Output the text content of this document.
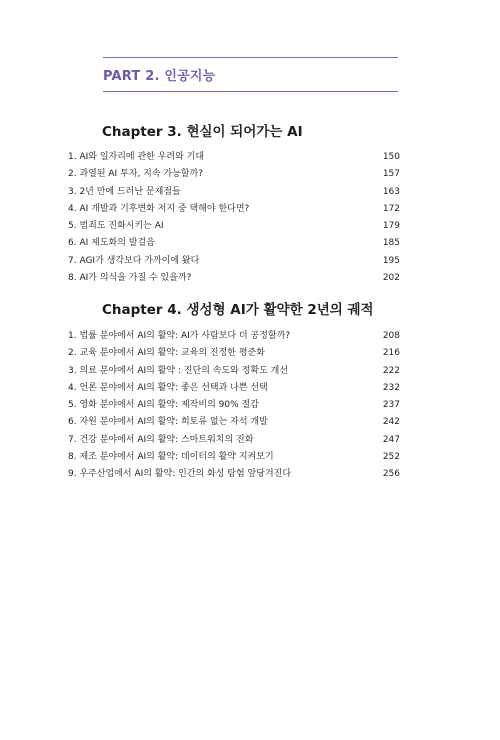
PART 2. 인공지능
Chapter 3. 현실이 되어가는 AI
1. AI와 일자리에 관한 우려와 기대	150
2. 과열된 AI 투자, 지속 가능할까?	157
3. 2년 만에 드러난 문제점들	163
4. AI 개발과 기후변화 저지 중 택해야 한다면?	172
5. 범죄도 진화시키는 AI	179
6. AI 제도화의 발걸음	185
7. AGI가 생각보다 가까이에 왔다	195
8. AI가 의식을 가질 수 있을까?	202
Chapter 4. 생성형 AI가 활약한 2년의 궤적
1. 법률 분야에서 AI의 활약: AI가 사람보다 더 공정할까?	208
2. 교육 분야에서 AI의 활약: 교육의 진정한 평준화	216
3. 의료 분야에서 AI의 활약 : 진단의 속도와 정확도 개선	222
4. 언론 분야에서 AI의 활약: 좋은 선택과 나쁜 선택	232
5. 영화 분야에서 AI의 활약: 제작비의 90% 절감	237
6. 자원 분야에서 AI의 활약: 희토류 없는 자석 개발	242
7. 건강 분야에서 AI의 활약: 스마트워치의 진화	247
8. 제조 분야에서 AI의 활약: 데이터의 활약 지켜보기	252
9. 우주산업에서 AI의 활약: 인간의 화성 탐험 앞당겨진다	256
